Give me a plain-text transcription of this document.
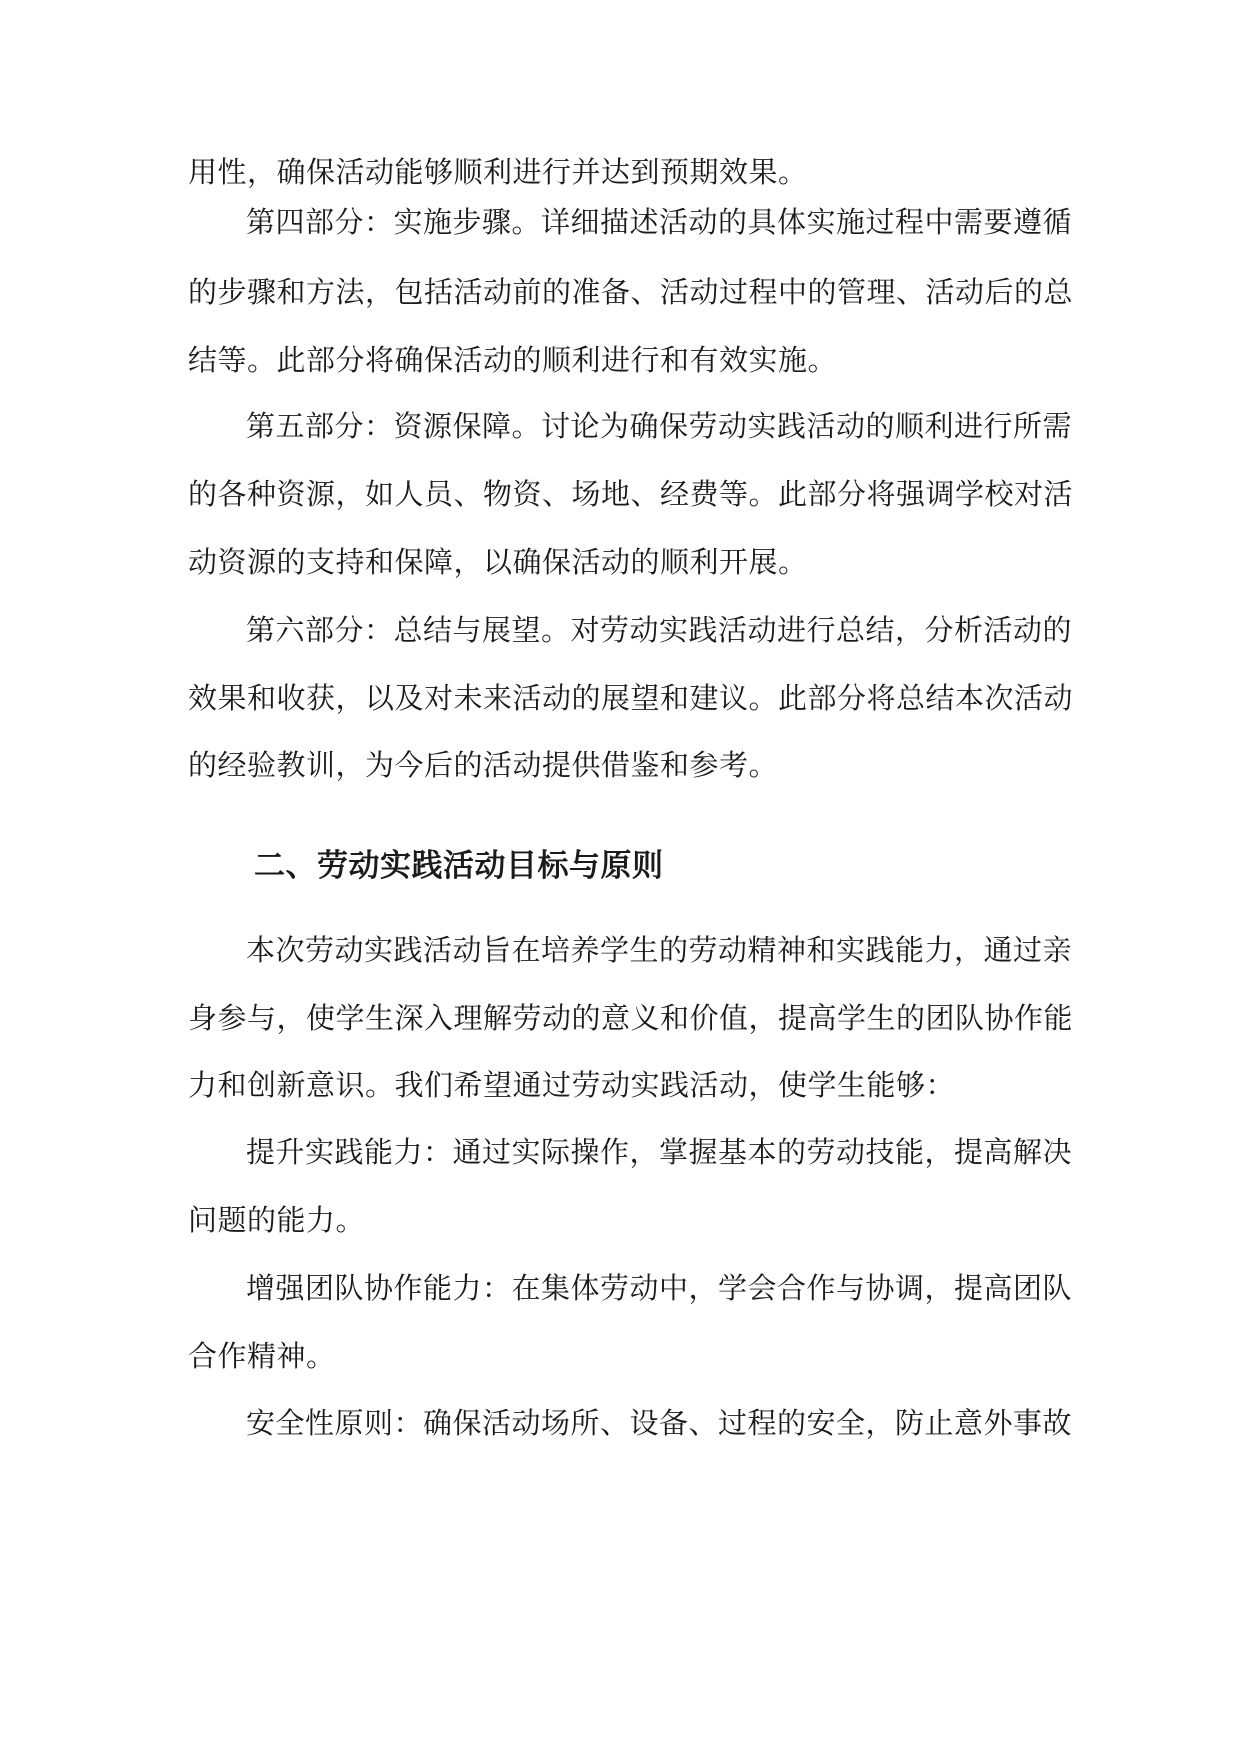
用性，确保活动能够顺利进行并达到预期效果。
第四部分：实施步骤。详细描述活动的具体实施过程中需要遵循
的步骤和方法，包括活动前的准备、活动过程中的管理、活动后的总
结等。此部分将确保活动的顺利进行和有效实施。
第五部分：资源保障。讨论为确保劳动实践活动的顺利进行所需
的各种资源，如人员、物资、场地、经费等。此部分将强调学校对活
动资源的支持和保障，以确保活动的顺利开展。
第六部分：总结与展望。对劳动实践活动进行总结，分析活动的
效果和收获，以及对未来活动的展望和建议。此部分将总结本次活动
的经验教训，为今后的活动提供借鉴和参考。
二、劳动实践活动目标与原则
本次劳动实践活动旨在培养学生的劳动精神和实践能力，通过亲
身参与，使学生深入理解劳动的意义和价值，提高学生的团队协作能
力和创新意识。我们希望通过劳动实践活动，使学生能够：
提升实践能力：通过实际操作，掌握基本的劳动技能，提高解决
问题的能力。
增强团队协作能力：在集体劳动中，学会合作与协调，提高团队
合作精神。
安全性原则：确保活动场所、设备、过程的安全，防止意外事故
